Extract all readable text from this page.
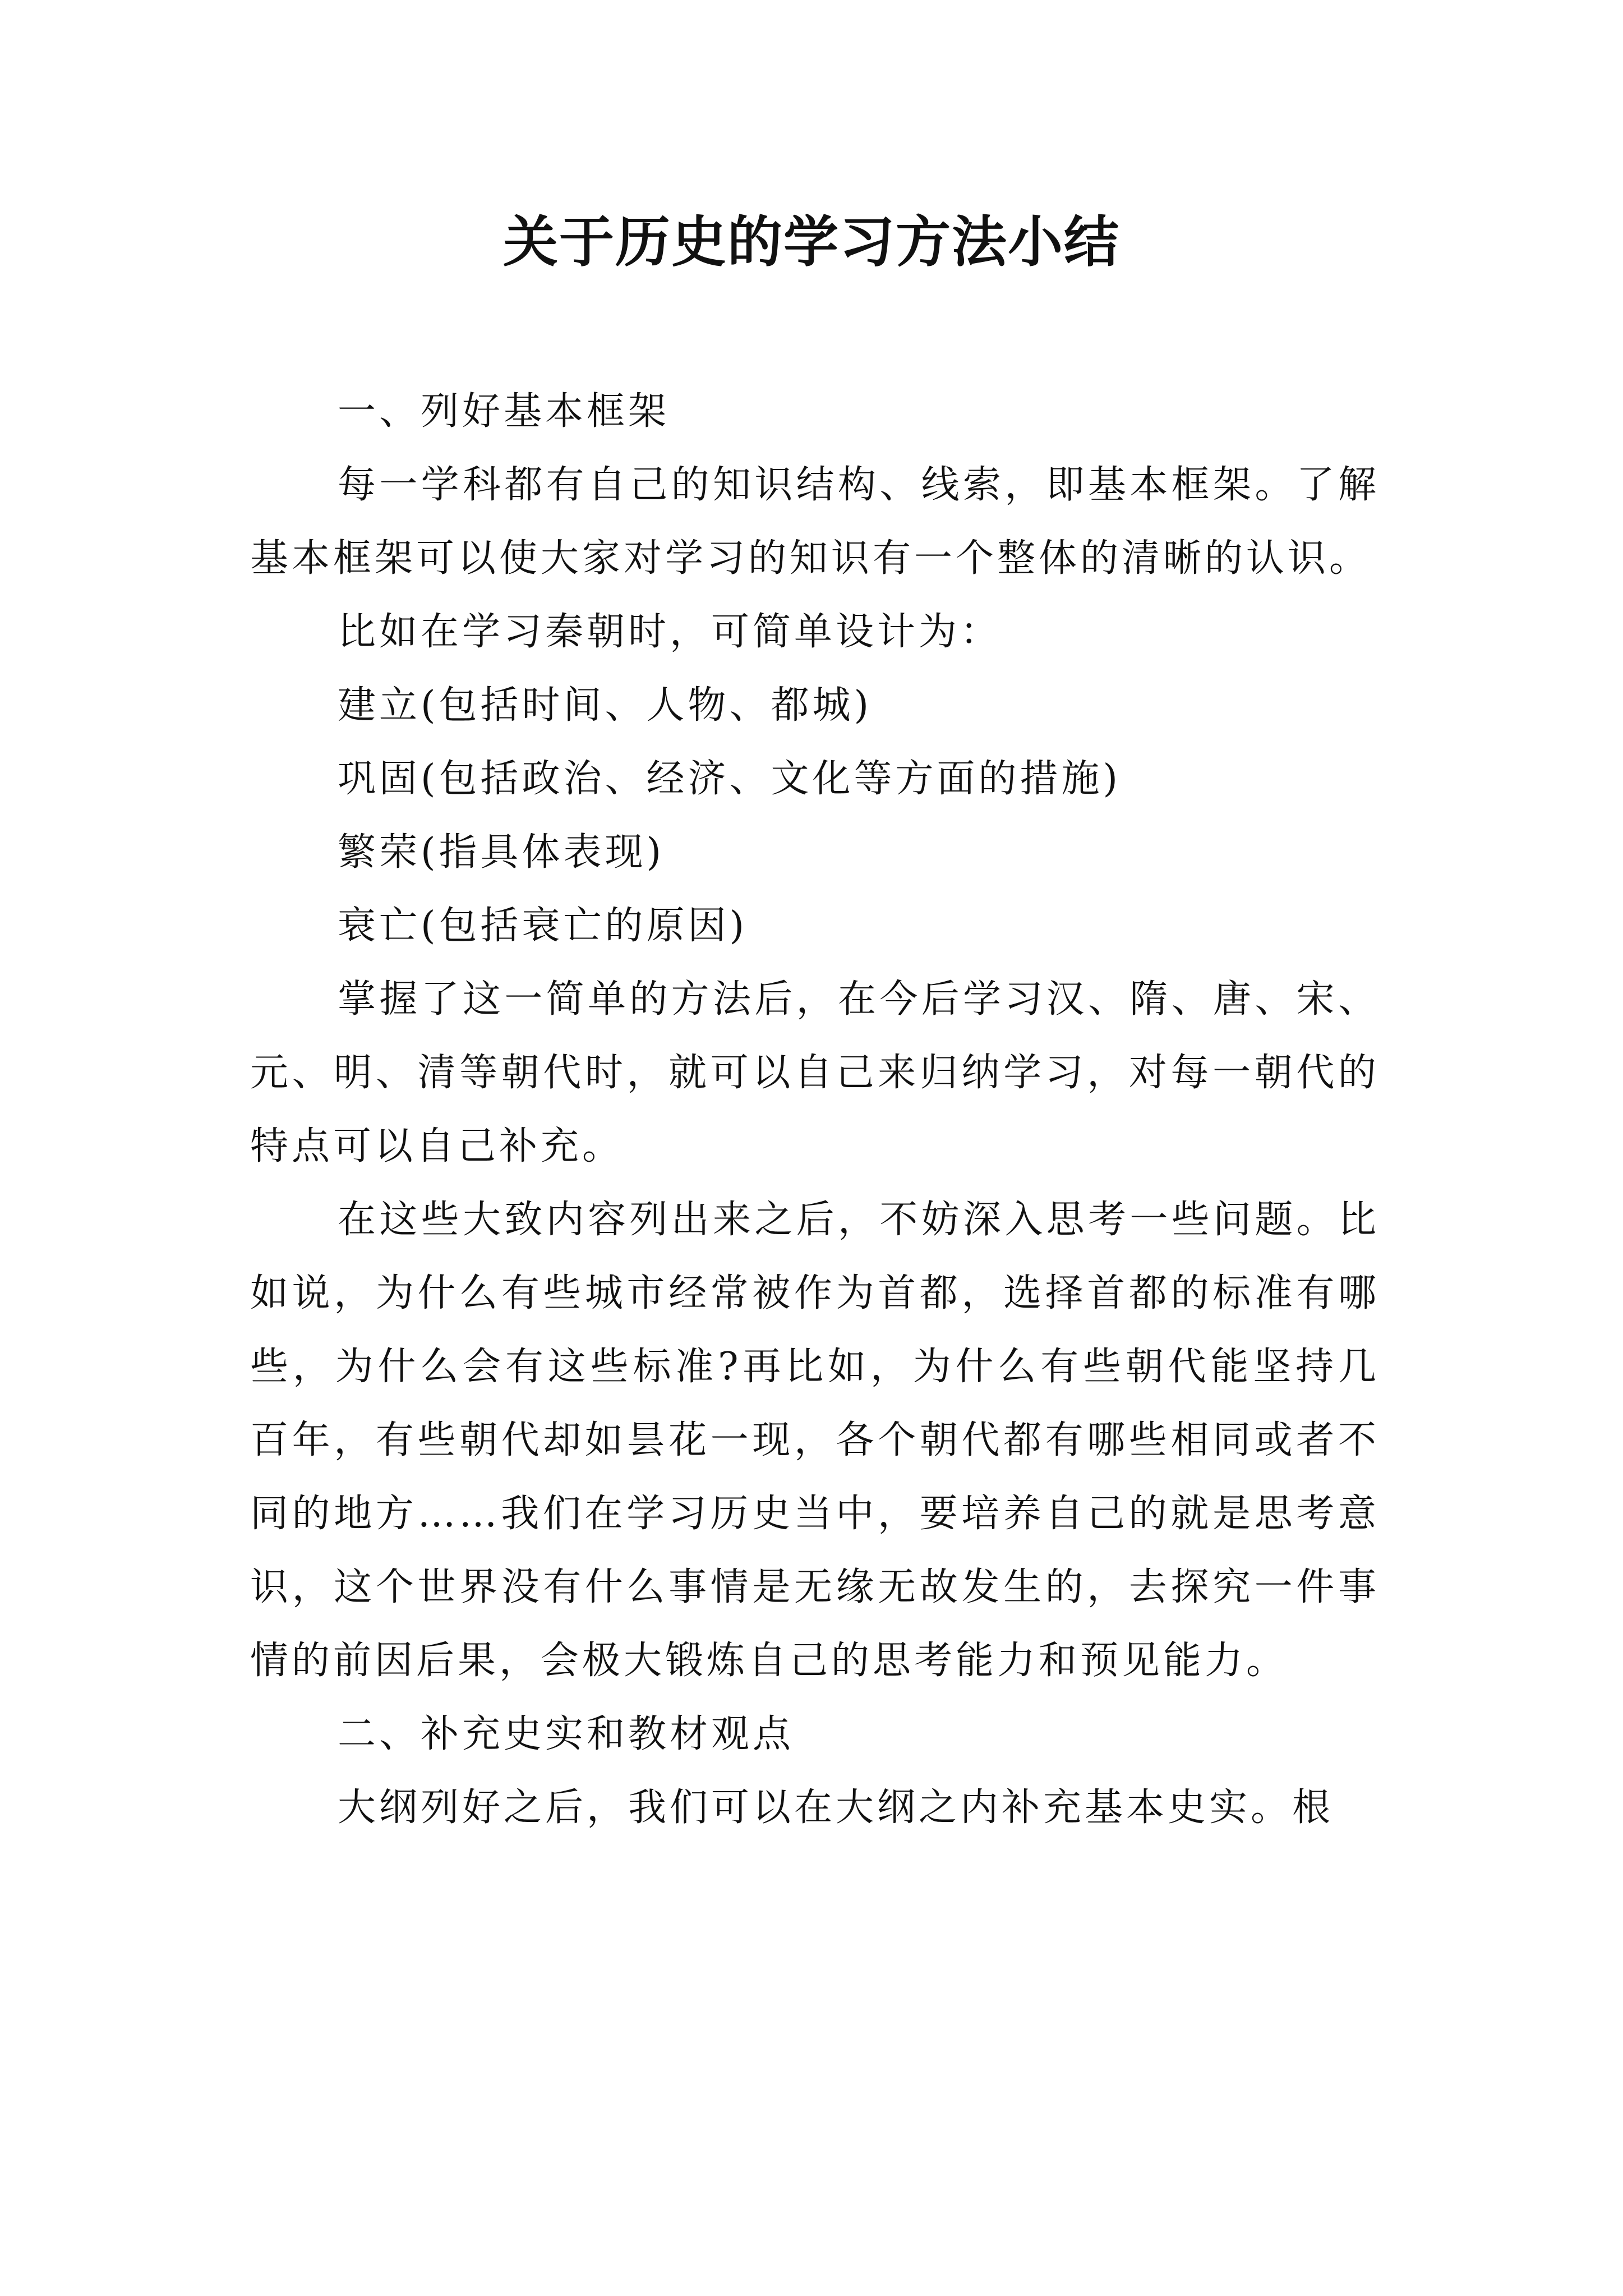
关于历史的学习方法小结

一、列好基本框架

每一学科都有自己的知识结构、线索，即基本框架。了解基本框架可以使大家对学习的知识有一个整体的清晰的认识。

比如在学习秦朝时，可简单设计为：

建立(包括时间、人物、都城)

巩固(包括政治、经济、文化等方面的措施)

繁荣(指具体表现)

衰亡(包括衰亡的原因)

掌握了这一简单的方法后，在今后学习汉、隋、唐、宋、元、明、清等朝代时，就可以自己来归纳学习，对每一朝代的特点可以自己补充。

在这些大致内容列出来之后，不妨深入思考一些问题。比如说，为什么有些城市经常被作为首都，选择首都的标准有哪些，为什么会有这些标准?再比如，为什么有些朝代能坚持几百年，有些朝代却如昙花一现，各个朝代都有哪些相同或者不同的地方……我们在学习历史当中，要培养自己的就是思考意识，这个世界没有什么事情是无缘无故发生的，去探究一件事情的前因后果，会极大锻炼自己的思考能力和预见能力。

二、补充史实和教材观点

大纲列好之后，我们可以在大纲之内补充基本史实。根
